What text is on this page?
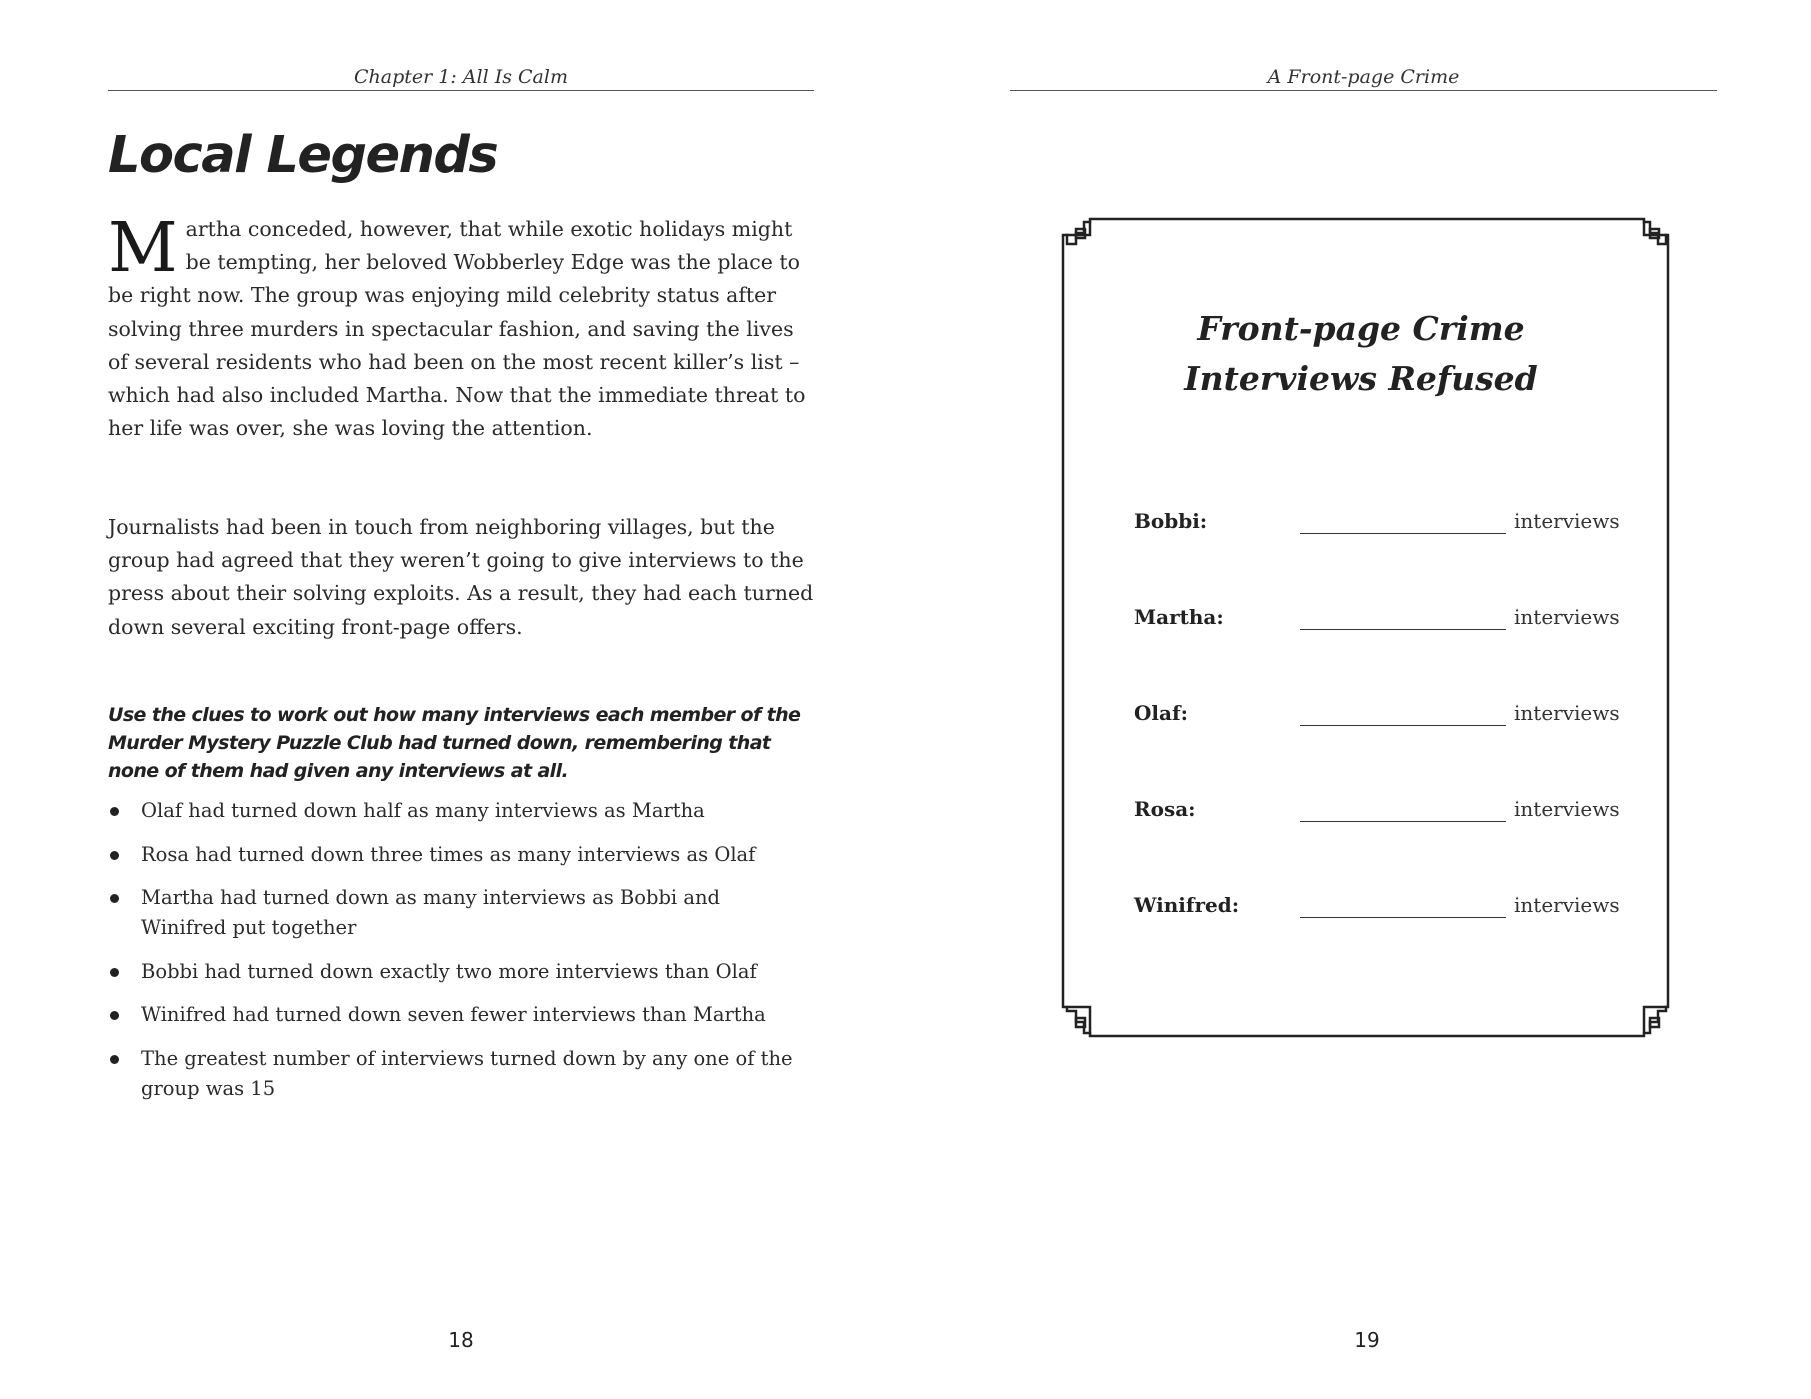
Chapter 1: All Is Calm
Local Legends

Martha conceded, however, that while exotic holidays might be tempting, her beloved Wobberley Edge was the place to be right now. The group was enjoying mild celebrity status after solving three murders in spectacular fashion, and saving the lives of several residents who had been on the most recent killer’s list – which had also included Martha. Now that the immediate threat to her life was over, she was loving the attention.

Journalists had been in touch from neighboring villages, but the group had agreed that they weren’t going to give interviews to the press about their solving exploits. As a result, they had each turned down several exciting front-page offers.

Use the clues to work out how many interviews each member of the Murder Mystery Puzzle Club had turned down, remembering that none of them had given any interviews at all.

Olaf had turned down half as many interviews as Martha
Rosa had turned down three times as many interviews as Olaf
Martha had turned down as many interviews as Bobbi and Winifred put together
Bobbi had turned down exactly two more interviews than Olaf
Winifred had turned down seven fewer interviews than Martha
The greatest number of interviews turned down by any one of the group was 15
18
A Front-page Crime
Front-page Crime
Interviews Refused
Bobbi:	interviews
Martha:	interviews
Olaf:	interviews
Rosa:	interviews
Winifred:	interviews
19
